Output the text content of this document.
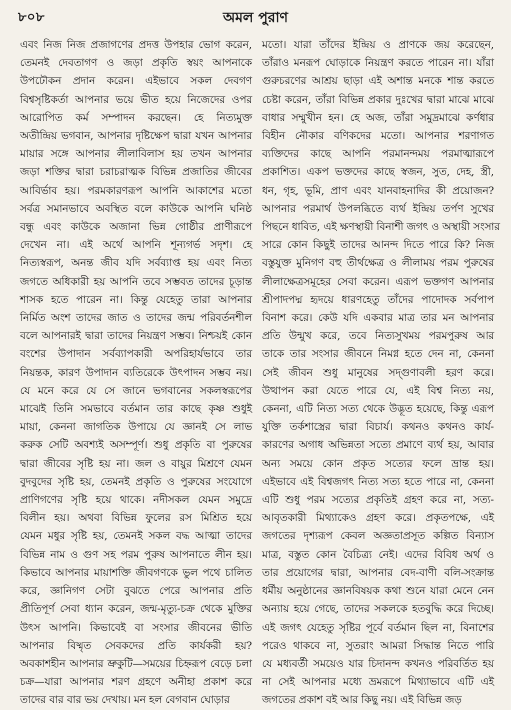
৮০৮	অমল পুরাণ
এবং নিজ নিজ প্রজাগণের প্রদত্ত উপহার ভোগ করেন,
তেমনই দেবতাগণ ও জড়া প্রকৃতি স্বয়ং আপনাকে
উপঢৌকন প্রদান করেন। এইভাবে সকল দেবগণ
বিশ্বসৃষ্টিকর্তা আপনার ভয়ে ভীত হয়ে নিজেদের ওপর
আরোপিত কর্ম সম্পাদন করছেন। হে নিত্যমুক্ত
অতীন্দ্রিয় ভগবান, আপনার দৃষ্টিক্ষেপ দ্বারা যখন আপনার
মায়ার সঙ্গে আপনার লীলাবিলাস হয় তখন আপনার
জড়া শক্তির দ্বারা চরাচরাত্মক বিভিন্ন প্রজাতির জীবের
আবির্ভাব হয়। পরমকারণরূপ আপনি আকাশের মতো
সর্বত্র সমানভাবে অবস্থিত বলে কাউকে আপনি ঘনিষ্ঠ
বন্ধু এবং কাউকে অজানা ভিন্ন গোষ্ঠীর প্রাণীরূপে
দেখেন না। এই অর্থে আপনি শূন্যগর্ভ সদৃশ। হে
নিত্যস্বরূপ, অনন্ত জীব যদি সর্বব্যাপ্ত হয় এবং নিত্য
জগতে অধিকারী হয় আপনি তবে সম্ভবত তাদের চূড়ান্ত
শাসক হতে পারেন না। কিন্তু যেহেতু তারা আপনার
নির্মিত অংশ তাদের জাত ও তাদের জন্ম পরিবর্তনশীল
বলে আপনারই দ্বারা তাদের নিয়ন্ত্রণ সম্ভব। নিশ্চয়ই কোন
বংশের উপাদান সর্বব্যাপকারী অপরিহার্যভাবে তার
নিয়ন্তক, কারণ উপাদান ব্যতিরেকে উৎপাদন সম্ভব নয়।
যে মনে করে যে সে জানে ভগবানের সকলস্বরূপের
মাঝেই তিনি সমভাবে বর্তমান তার কাছে কৃষ্ণ শুধুই
মায়া, কেননা জাগতিক উপায়ে যে জ্ঞানই সে লাভ
করুক সেটি অবশ্যই অসম্পূর্ণ। শুধু প্রকৃতি বা পুরুষের
দ্বারা জীবের সৃষ্টি হয় না। জল ও বায়ুর মিশ্রণে যেমন
বুদবুদের সৃষ্টি হয়, তেমনই প্রকৃতি ও পুরুষের সংযোগে
প্রাণিগণের সৃষ্টি হয়ে থাকে। নদীসকল যেমন সমুদ্রে
বিলীন হয়। অথবা বিভিন্ন ফুলের রস মিশ্রিত হয়ে
যেমন মধুর সৃষ্টি হয়, তেমনই সকল বদ্ধ আত্মা তাদের
বিভিন্ন নাম ও গুণ সহ পরম পুরুষ আপনাতে লীন হয়।
কিভাবে আপনার মায়াশক্তি জীবগণকে ভুল পথে চালিত
করে, জ্ঞানিগণ সেটা বুঝতে পেরে আপনার প্রতি
প্রীতিপূর্ণ সেবা ধ্যান করেন, জন্ম-মৃত্যু-চক্র থেকে মুক্তির
উৎস আপনি। কিভাবেই বা সংসার জীবনের ভীতি
আপনার বিষ্মৃত সেবকদের প্রতি কার্যকরী হয়?
অবকাশহীন আপনার ভ্রুকুটি—সময়ের চিহ্নরূপ বেড়ে চলা
চক্র—যারা আপনার শরণ গ্রহণে অনীহা প্রকাশ করে
তাদের বার বার ভয় দেখায়। মন হল বেগবান ঘোড়ার
মতো। যারা তাঁদের ইন্দ্রিয় ও প্রাণকে জয় করেছেন,
তাঁরাও মনরূপ ঘোড়াকে নিয়ন্ত্রণ করতে পারেন না। যাঁরা
গুরুচরণের আশ্রয় ছাড়া এই অশান্ত মনকে শান্ত করতে
চেষ্টা করেন, তাঁরা বিভিন্ন প্রকার দুঃখের দ্বারা মাঝে মাঝে
বাধার সম্মুখীন হন। হে অজ, তাঁরা সমুদ্রমাঝে কর্ণধার
বিহীন নৌকার বণিকদের মতো। আপনার শরণাগত
ব্যক্তিদের কাছে আপনি পরমানন্দময় পরমাত্মারূপে
প্রকাশিত। একপ ভক্তদের কাছে স্বজন, সুত, দেহ, স্ত্রী,
ধন, গৃহ, ভূমি, প্রাণ এবং যানবাহনাদির কী প্রয়োজন?
আপনার পরমার্থ উপলব্ধিতে ব্যর্থ ইন্দ্রিয় তর্পণ সুখের
পিছনে ধাবিত, এই ক্ষণস্থায়ী বিনাশী জগৎ ও অস্থায়ী সংসার
সারে কোন কিছুই তাদের আনন্দ দিতে পারে কি? নিজ
বস্তুযুক্ত মুনিগণ বহু তীর্থক্ষেত্র ও লীলাময় পরম পুরুষের
লীলাক্ষেত্রসমূহের সেবা করেন। এরূপ ভক্তগণ আপনার
শ্রীপাদপদ্ম হৃদয়ে ধারণহেতু তাঁদের পাদোদক সর্বপাপ
বিনাশ করে। কেউ যদি একবার মাত্র তার মন আপনার
প্রতি উন্মুখ করে, তবে নিত্যসুখময় পরমপুরুষ আর
তাকে তার সংসার জীবনে নিমগ্ন হতে দেন না, কেননা
সেই জীবন শুধু মানুষের সদ্গুণাবলী হরণ করে।
উত্থাপন করা যেতে পারে যে, এই বিশ্ব নিত্য নয়,
কেননা, এটি নিত্য সত্য থেকে উদ্ভূত হয়েছে, কিন্তু এরূপ
যুক্তি তর্কশাস্ত্রের দ্বারা বিচার্য। কথনও কথনও কার্য-
কারণের অগাধ অভিন্নতা সত্যে প্রমাণে ব্যর্থ হয়, আবার
অন্য সময়ে কোন প্রকৃত সত্যের ফলে ভ্রান্ত হয়।
এইভাবে এই বিশ্বজগৎ নিত্য সত্য হতে পারে না, কেননা
এটি শুধু পরম সত্যের প্রকৃতিই গ্রহণ করে না, সত্য-
আবৃতকারী মিথ্যাকেও গ্রহণ করে। প্রকৃতপক্ষে, এই
জগতের দৃশ্যরূপ কেবল অজ্ঞতাপ্রসূত কল্পিত বিন্যাস
মাত্র, বস্তুত কোন বৈচিত্র্য নেই। এদের বিবিধ অর্থ ও
তার প্রয়োগের দ্বারা, আপনার বেদ-বাণী বলি-সংক্রান্ত
ধর্মীয় অনুষ্ঠানের জ্ঞানবিষয়ক কথা শুনে যারা মেনে নেন
অন্যায় হয়ে গেছে, তাদের সকলকে হতবুদ্ধি করে দিচ্ছে।
এই জগৎ যেহেতু সৃষ্টির পূর্বে বর্তমান ছিল না, বিনাশের
পরেও থাকবে না, সুতরাং আমরা সিদ্ধান্ত নিতে পারি
যে মধ্যবর্তী সময়েও যার চিদানন্দ কখনও পরিবর্তিত হয়
না সেই আপনার মধ্যে ভ্রমরূপে মিথ্যাভাবে এটি এই
জগতের প্রকাশ বই আর কিছু নয়। এই বিভিন্ন জড়
